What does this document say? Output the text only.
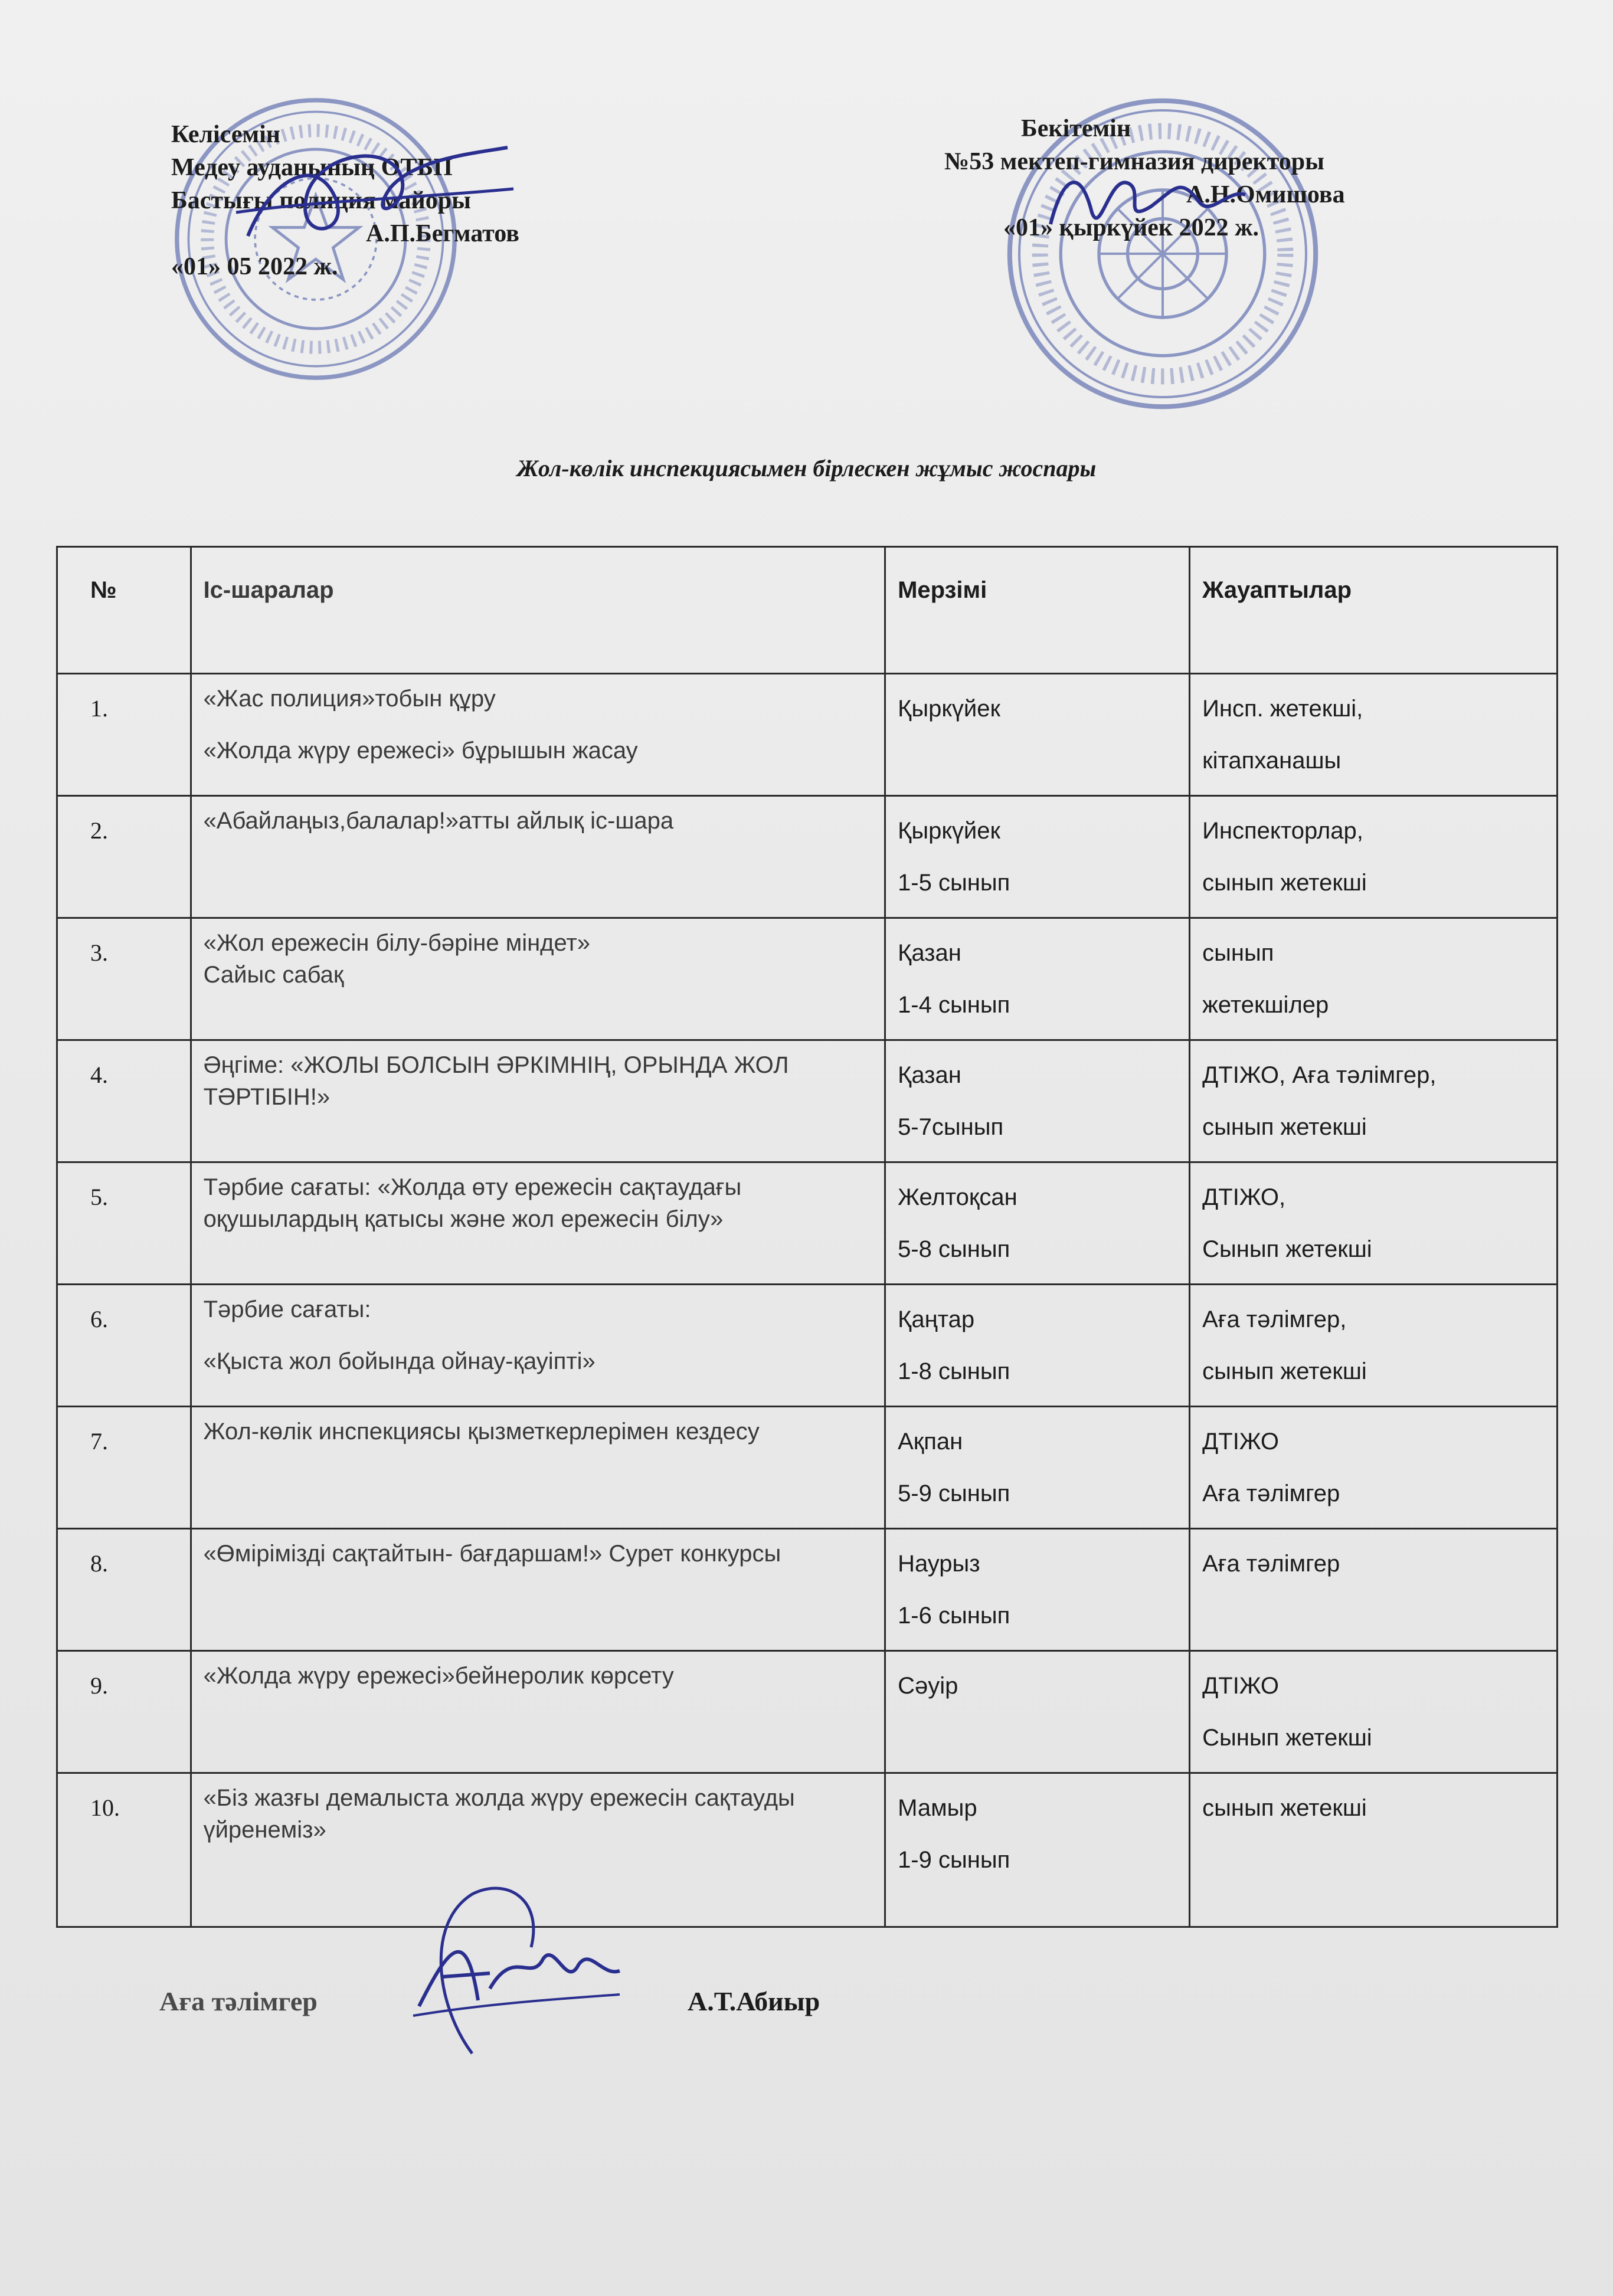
Келісемін
Медеу ауданының ОТБП
Бастығы полиция майоры
А.П.Бегматов
«01» 05 2022 ж.
Бекітемін
№53 мектеп-гимназия директоры
А.Н.Омишова
«01» қыркүйек 2022 ж.
Жол-көлік инспекциясымен бірлескен жұмыс жоспары
№	Іс-шаралар	Мерзімі	Жауаптылар
1.	«Жас полиция»тобын құру
«Жолда жүру ережесі» бұрышын жасау	Қыркүйек	Инсп. жетекші,
кітапханашы

2.	«Абайлаңыз,балалар!»атты айлық іс-шара	Қыркүйек
1-5 сынып	Инспекторлар,
сынып жетекші

3.	«Жол ережесін білу-бәріне міндет»
Сайыс сабақ	Қазан
1-4 сынып	сынып
жетекшілер

4.	Әңгіме: «ЖОЛЫ БОЛСЫН ӘРКІМНІҢ, ОРЫНДА ЖОЛ
ТӘРТІБІН!»	Қазан
5-7сынып	ДТІЖО, Аға тәлімгер,
сынып жетекші

5.	Тәрбие сағаты: «Жолда өту ережесін сақтаудағы
оқушылардың қатысы және жол ережесін білу»	Желтоқсан
5-8 сынып	ДТІЖО,
Сынып жетекші

6.	Тәрбие сағаты:
«Қыста жол бойында ойнау-қауіпті»	Қаңтар
1-8 сынып	Аға тәлімгер,
сынып жетекші

7.	Жол-көлік инспекциясы қызметкерлерімен кездесу	Ақпан
5-9 сынып	ДТІЖО
Аға тәлімгер

8.	«Өмірімізді сақтайтын- бағдаршам!» Сурет конкурсы	Наурыз
1-6 сынып	Аға тәлімгер

9.	«Жолда жүру ережесі»бейнеролик көрсету	Сәуір	ДТІЖО
Сынып жетекші

10.	«Біз жазғы демалыста жолда жүру ережесін сақтауды
үйренеміз»	Мамыр
1-9 сынып	сынып жетекші
Аға тәлімгер	А.Т.Абиыр
